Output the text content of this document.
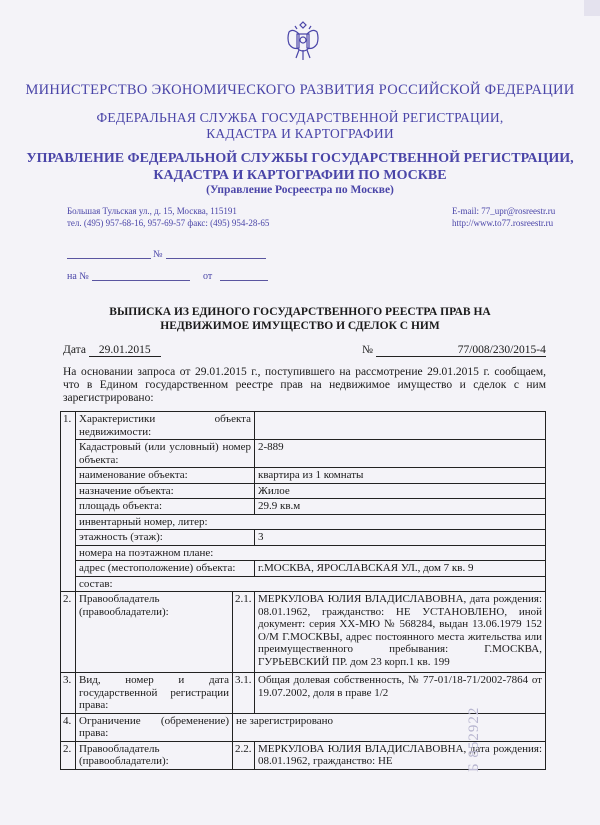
МИНИСТЕРСТВО ЭКОНОМИЧЕСКОГО РАЗВИТИЯ РОССИЙСКОЙ ФЕДЕРАЦИИ
ФЕДЕРАЛЬНАЯ СЛУЖБА ГОСУДАРСТВЕННОЙ РЕГИСТРАЦИИ,
КАДАСТРА И КАРТОГРАФИИ
УПРАВЛЕНИЕ ФЕДЕРАЛЬНОЙ СЛУЖБЫ ГОСУДАРСТВЕННОЙ РЕГИСТРАЦИИ,
КАДАСТРА И КАРТОГРАФИИ ПО МОСКВЕ
(Управление Росреестра по Москве)
Большая Тульская ул., д. 15, Москва, 115191
тел. (495) 957-68-16, 957-69-57 факс: (495) 954-28-65
E-mail: 77_upr@rosreestr.ru
http://www.to77.rosreestr.ru
№
на №	от
ВЫПИСКА ИЗ ЕДИНОГО ГОСУДАРСТВЕННОГО РЕЕСТРА ПРАВ НА
НЕДВИЖИМОЕ ИМУЩЕСТВО И СДЕЛОК С НИМ
Дата 29.01.2015	№	77/008/230/2015-4
На основании запроса от 29.01.2015 г., поступившего на рассмотрение 29.01.2015 г. сообщаем, что в Едином государственном реестре прав на недвижимое имущество и сделок с ним зарегистрировано:
1.	Характеристики объекта недвижимости:		
	Кадастровый (или условный) номер объекта:		2-889
	наименование объекта:		квартира из 1 комнаты
	назначение объекта:		Жилое
	площадь объекта:		29.9 кв.м
	инвентарный номер, литер:		
	этажность (этаж):		3
	номера на поэтажном плане:		
	адрес (местоположение) объекта:		г.МОСКВА, ЯРОСЛАВСКАЯ УЛ., дом 7 кв. 9
	состав:		
2.	Правообладатель (правообладатели):	2.1.	МЕРКУЛОВА ЮЛИЯ ВЛАДИСЛАВОВНА, дата рождения: 08.01.1962, гражданство: НЕ УСТАНОВЛЕНО, иной документ: серия ХХ-МЮ № 568284, выдан 13.06.1979 152 О/М Г.МОСКВЫ, адрес постоянного места жительства или преимущественного пребывания: Г.МОСКВА, ГУРЬЕВСКИЙ ПР. дом 23 корп.1 кв. 199
3.	Вид, номер и дата государственной регистрации права:	3.1.	Общая долевая собственность, № 77-01/18-71/2002-7864 от 19.07.2002, доля в праве 1/2
4.	Ограничение (обременение) права:	не зарегистрировано	
2.	Правообладатель (правообладатели):	2.2.	МЕРКУЛОВА ЮЛИЯ ВЛАДИСЛАВОВНА, дата рождения: 08.01.1962, гражданство: НЕ	Б 852922
